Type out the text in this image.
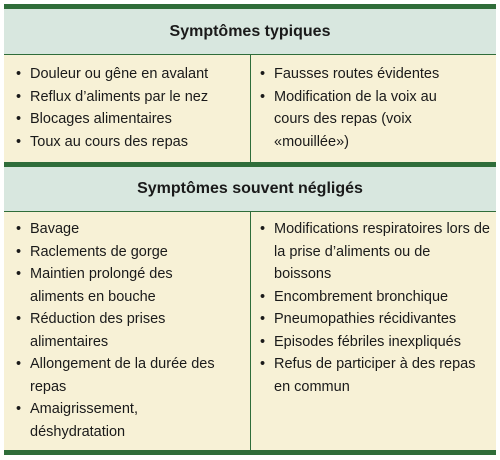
Symptômes typiques
• Douleur ou gêne en avalant
• Reflux d’aliments par le nez
• Blocages alimentaires
• Toux au cours des repas
• Fausses routes évidentes
• Modification de la voix au cours des repas (voix «mouillée»)
Symptômes souvent négligés
• Bavage
• Raclements de gorge
• Maintien prolongé des aliments en bouche
• Réduction des prises alimentaires
• Allongement de la durée des repas
• Amaigrissement, déshydratation
• Modifications respiratoires lors de la prise d’aliments ou de boissons
• Encombrement bronchique
• Pneumopathies récidivantes
• Episodes fébriles inexpliqués
• Refus de participer à des repas en commun
